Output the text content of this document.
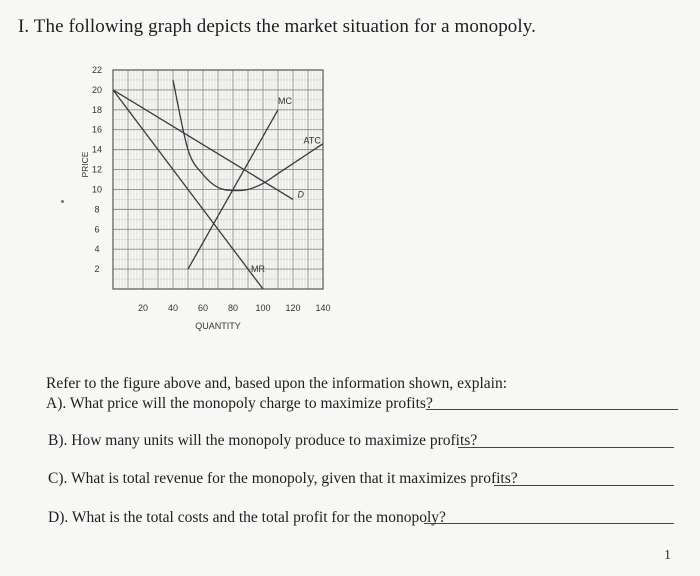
I. The following graph depicts the market situation for a monopoly.
D
MR
MC
ATC
2
4
6
8
10
12
14
16
18
20
22
20 40 60 80 100 120 140
PRICE
QUANTITY
Refer to the figure above and, based upon the information shown, explain:
A). What price will the monopoly charge to maximize profits?
B). How many units will the monopoly produce to maximize profits?
C). What is total revenue for the monopoly, given that it maximizes profits?
D). What is the total costs and the total profit for the monopoly?
1
